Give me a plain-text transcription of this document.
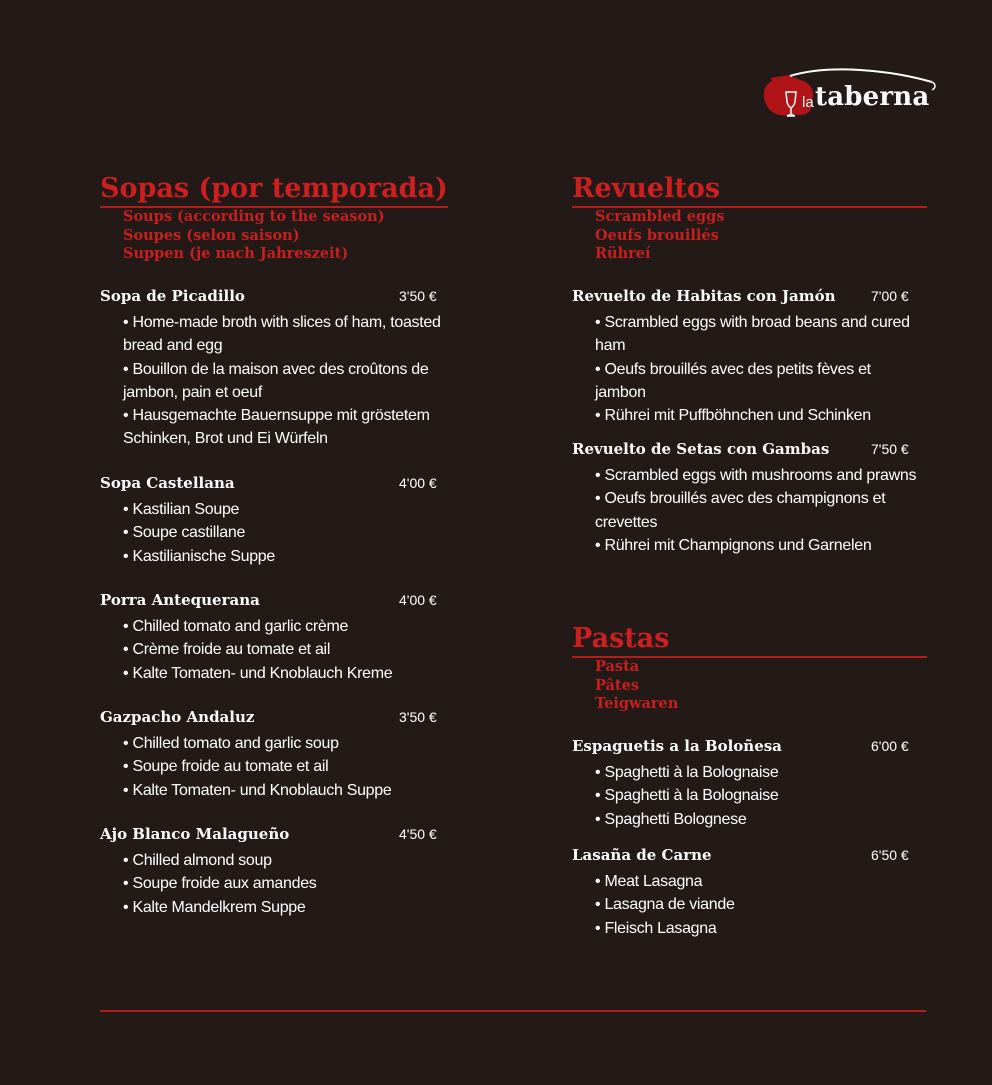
la taberna
Sopas (por temporada)
Soups (according to the season)
Soupes (selon saison)
Suppen (je nach Jahreszeit)
Sopa de Picadillo	3'50 €
• Home-made broth with slices of ham, toasted bread and egg
• Bouillon de la maison avec des croûtons de jambon, pain et oeuf
• Hausgemachte Bauernsuppe mit gröstetem Schinken, Brot und Ei Würfeln
Sopa Castellana	4'00 €
• Kastilian Soupe
• Soupe castillane
• Kastilianische Suppe
Porra Antequerana	4'00 €
• Chilled tomato and garlic crème
• Crème froide au tomate et ail
• Kalte Tomaten- und Knoblauch Kreme
Gazpacho Andaluz	3'50 €
• Chilled tomato and garlic soup
• Soupe froide au tomate et ail
• Kalte Tomaten- und Knoblauch Suppe
Ajo Blanco Malagueño	4'50 €
• Chilled almond soup
• Soupe froide aux amandes
• Kalte Mandelkrem Suppe
Revueltos
Scrambled eggs
Oeufs brouillés
Rühreí
Revuelto de Habitas con Jamón	7'00 €
• Scrambled eggs with broad beans and cured ham
• Oeufs brouillés avec des petits fèves et jambon
• Rührei mit Puffböhnchen und Schinken
Revuelto de Setas con Gambas	7'50 €
• Scrambled eggs with mushrooms and prawns
• Oeufs brouillés avec des champignons et crevettes
• Rührei mit Champignons und Garnelen
Pastas
Pasta
Pâtes
Teigwaren
Espaguetis a la Boloñesa	6'00 €
• Spaghetti à la Bolognaise
• Spaghetti à la Bolognaise
• Spaghetti Bolognese
Lasaña de Carne	6'50 €
• Meat Lasagna
• Lasagna de viande
• Fleisch Lasagna
